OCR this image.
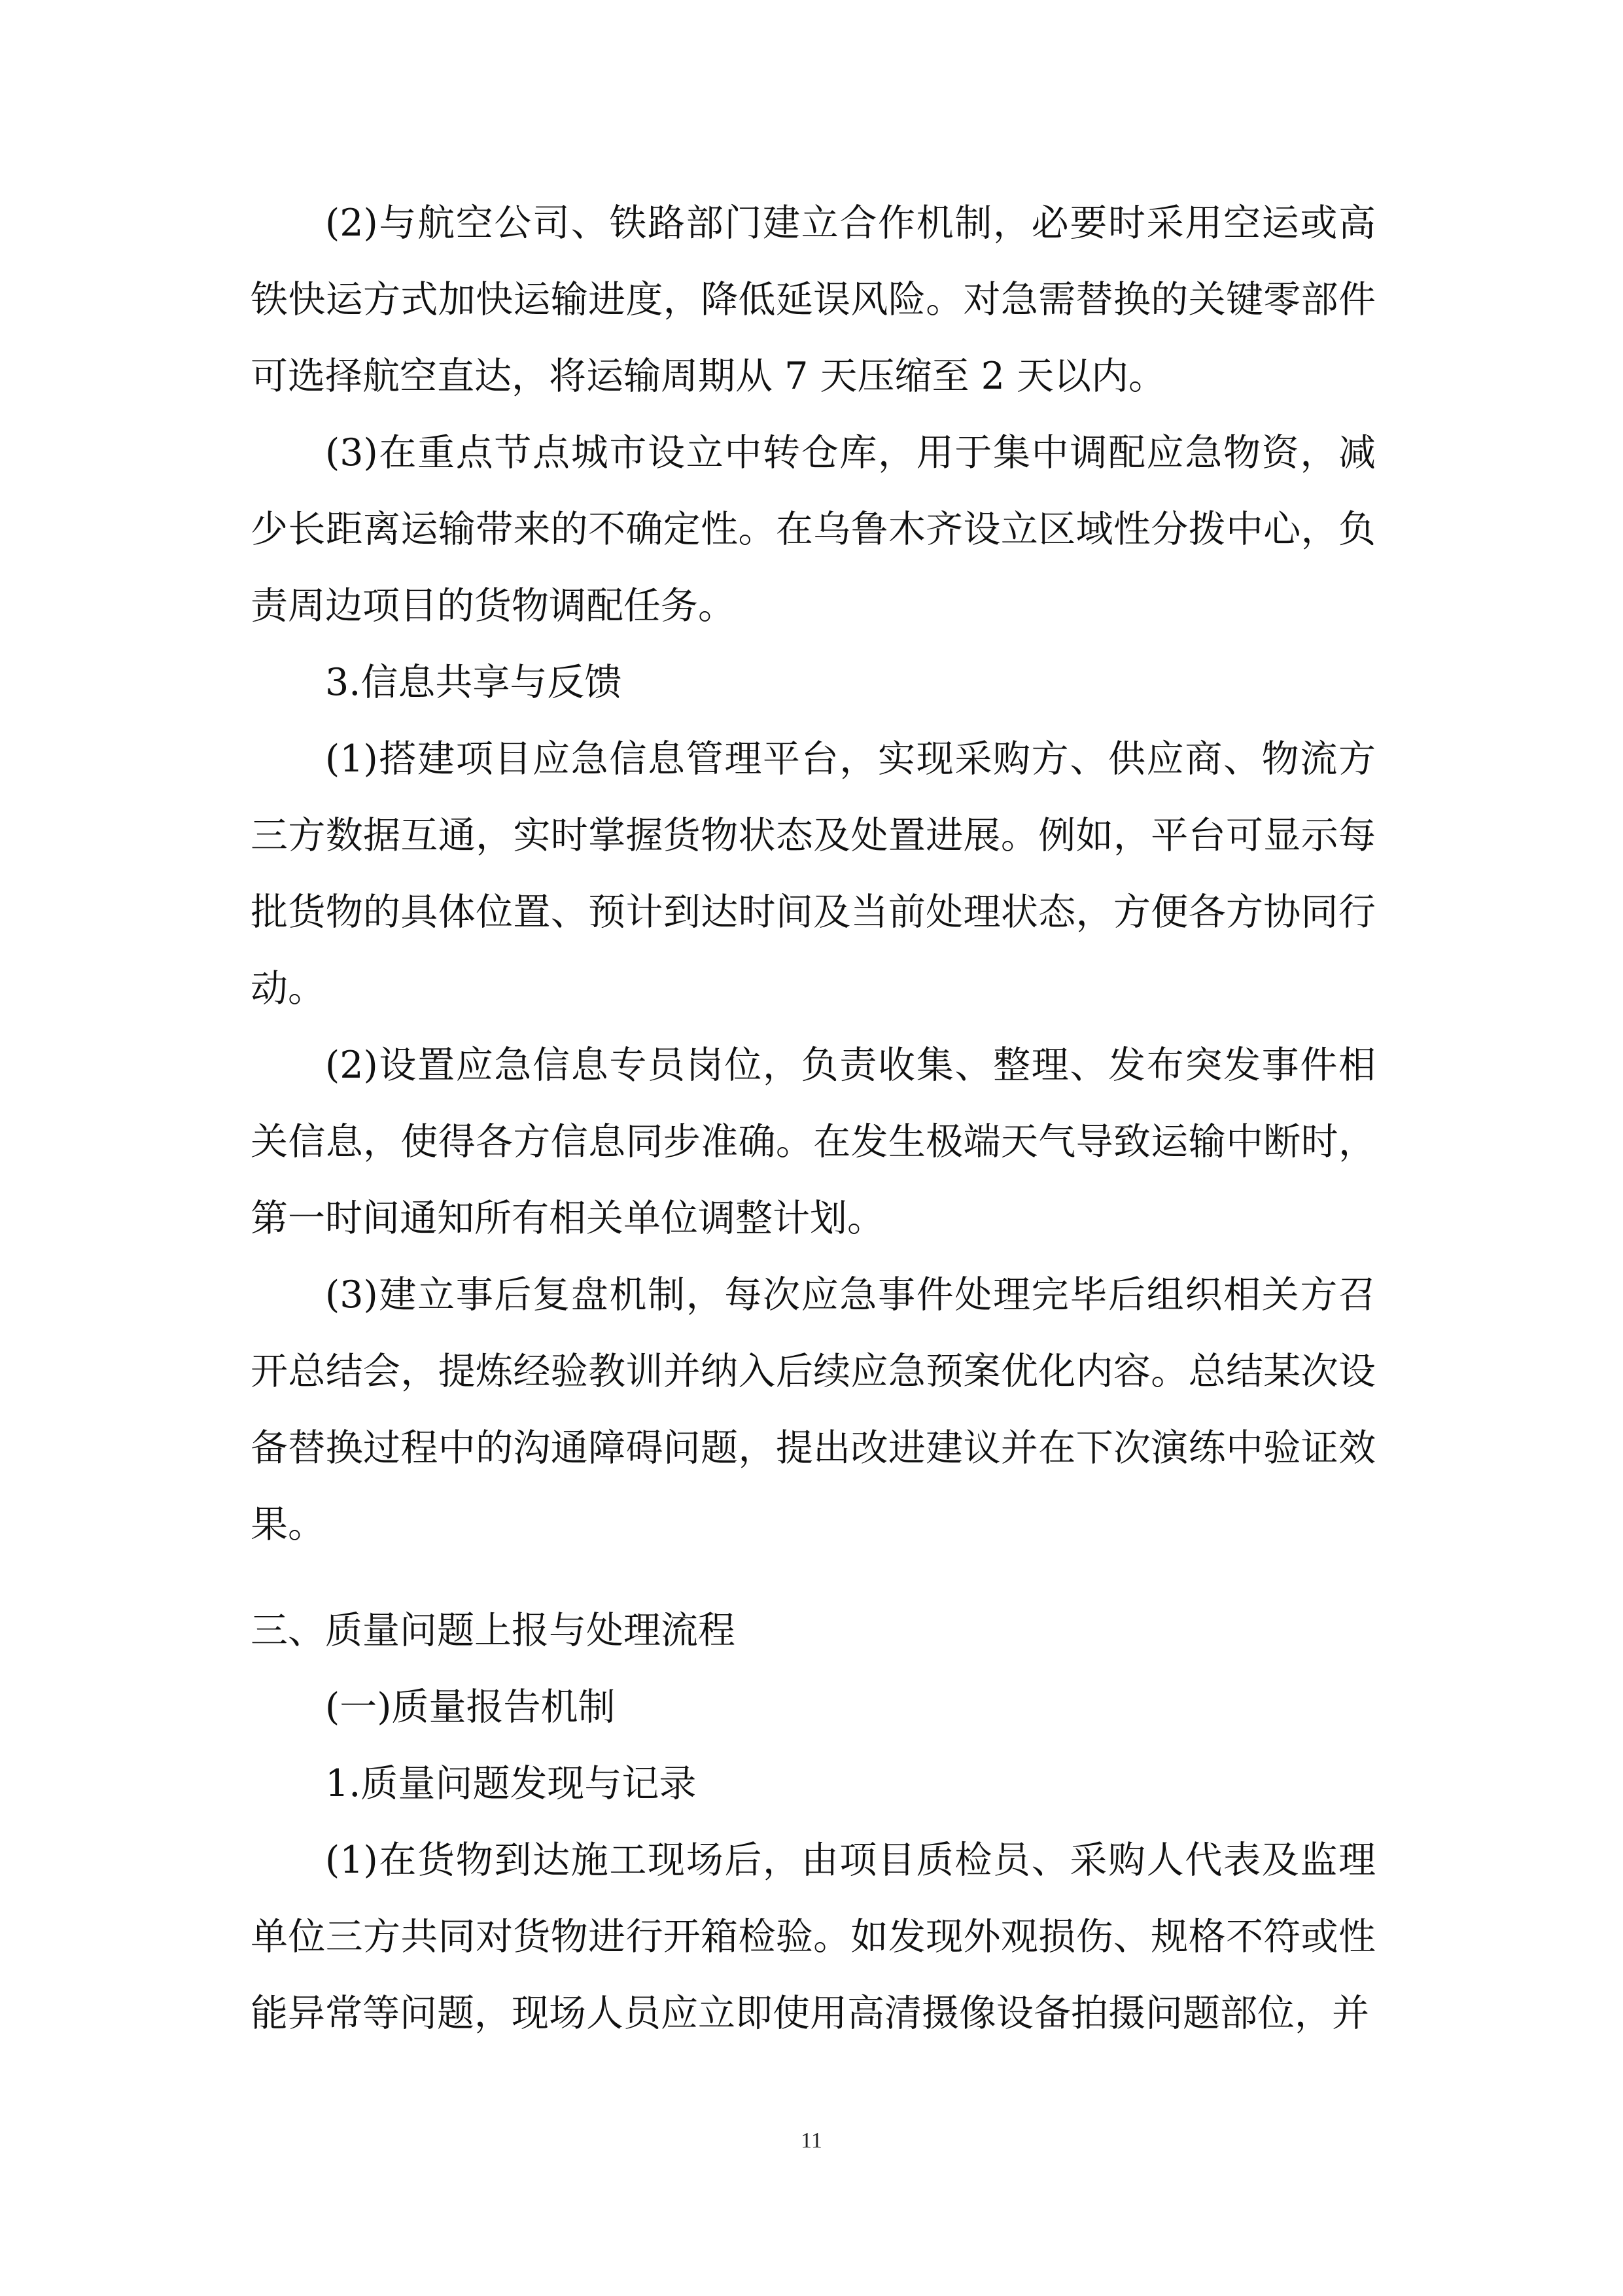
(2)与航空公司、铁路部门建立合作机制，必要时采用空运或高铁快运方式加快运输进度，降低延误风险。对急需替换的关键零部件可选择航空直达，将运输周期从 7 天压缩至 2 天以内。

(3)在重点节点城市设立中转仓库，用于集中调配应急物资，减少长距离运输带来的不确定性。在乌鲁木齐设立区域性分拨中心，负责周边项目的货物调配任务。

3.信息共享与反馈

(1)搭建项目应急信息管理平台，实现采购方、供应商、物流方三方数据互通，实时掌握货物状态及处置进展。例如，平台可显示每批货物的具体位置、预计到达时间及当前处理状态，方便各方协同行动。

(2)设置应急信息专员岗位，负责收集、整理、发布突发事件相关信息，使得各方信息同步准确。在发生极端天气导致运输中断时，第一时间通知所有相关单位调整计划。

(3)建立事后复盘机制，每次应急事件处理完毕后组织相关方召开总结会，提炼经验教训并纳入后续应急预案优化内容。总结某次设备替换过程中的沟通障碍问题，提出改进建议并在下次演练中验证效果。

三、质量问题上报与处理流程

(一)质量报告机制

1.质量问题发现与记录

(1)在货物到达施工现场后，由项目质检员、采购人代表及监理单位三方共同对货物进行开箱检验。如发现外观损伤、规格不符或性能异常等问题，现场人员应立即使用高清摄像设备拍摄问题部位，并

11
